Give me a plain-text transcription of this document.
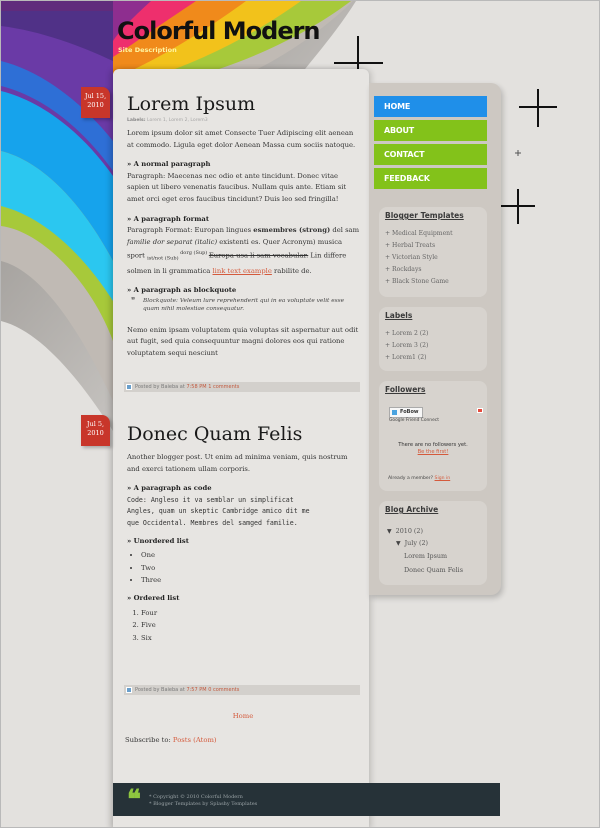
Colorful Modern
Site Description
Jul 15,
2010	Lorem Ipsum
Labels: Lorem 1, Lorem 2, Lorem3

Lorem ipsum dolor sit amet Consecte Tuer Adipiscing elit aenean at commodo. Ligula eget dolor Aenean Massa cum sociis natoque.

» A normal paragraph

Paragraph: Maecenas nec odio et ante tincidunt. Donec vitae sapien ut libero venenatis faucibus. Nullam quis ante. Etiam sit amet orci eget eros faucibus tincidunt? Duis leo sed fringilla!

» A paragraph format

Paragraph Format: Europan lingues esmembres (strong) del sam familie dor separat (italic) existenti es. Quer Acronym) musica sport $_{ist/not (Sub)}$ $^{dorg (Sup)}$ Europa usa li sam vocabular. Lin differe solmen in li grammatica link text example rabilite de.

» A paragraph as blockquote
❞ Blockquote: Veleum lure reprehenderit qui in ea voluptate velit esse quam nihil molestiae consequatur.

Nemo enim ipsam voluptatem quia voluptas sit aspernatur aut odit aut fugit, sed quia consequuntur magni dolores eos qui ratione voluptatem sequi nesciunt

Posted by Baieba at 7:58 PM 1 comments
Jul 5,
2010	Donec Quam Felis

Another blogger post. Ut enim ad minima veniam, quis nostrum and exerci tationem ullam corporis.

» A paragraph as code
Code: Angleso it va semblar un simplificat
Angles, quam un skeptic Cambridge amico dit me
que Occidental. Membres del samged familie.
» Unordered list
• One
• Two
• Three
» Ordered list
1. Four
2. Five
3. Six
Posted by Baieba at 7:57 PM 0 comments
Home
Subscribe to: Posts (Atom)
❝ * Copyright © 2010 Colorful Modern
* Blogger Templates by Splashy Templates
HOME
ABOUT
CONTACT
FEEDBACK
Blogger Templates
+ Medical Equipment
+ Herbal Treats
+ Victorian Style
+ Rockdays
+ Black Stone Game
Labels
+ Lorem 2 (2)
+ Lorem 3 (2)
+ Lorem1 (2)
Followers
FoBow
Google Friend Connect
There are no followers yet.
Be the first!
Already a member? Sign in
Blog Archive
▼ 2010 (2)
▼ July (2)
Lorem Ipsum
Donec Quam Felis
